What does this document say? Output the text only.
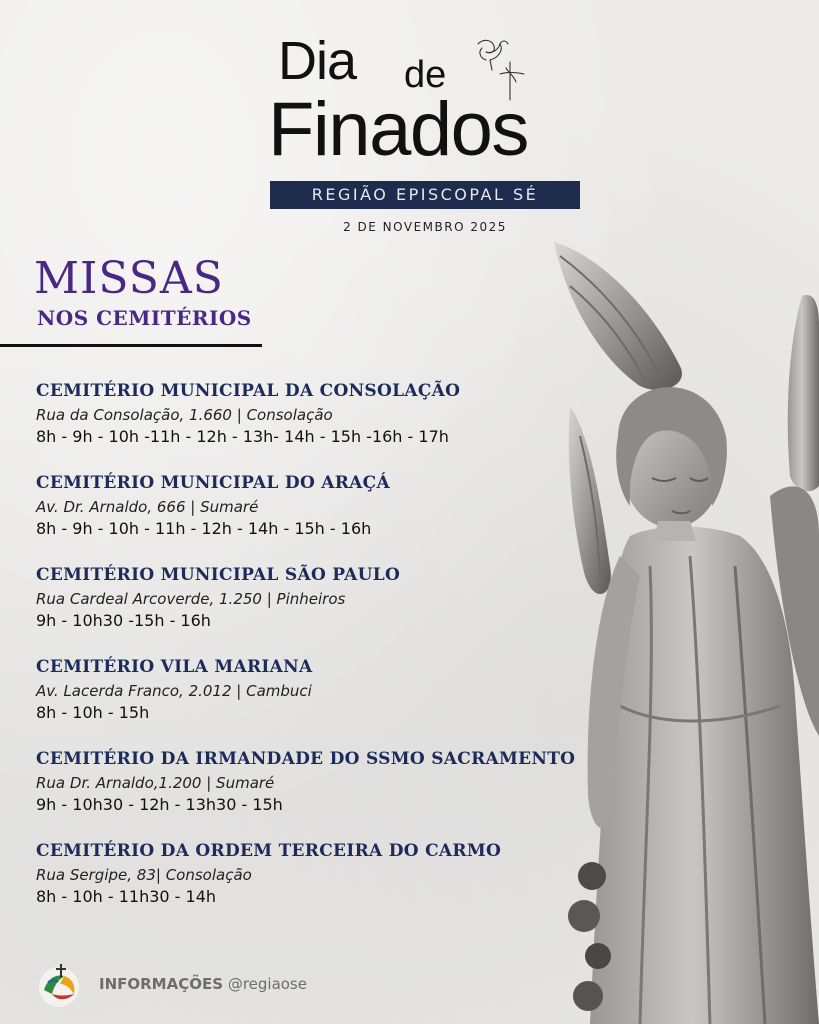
Dia de
Finados
REGIÃO EPISCOPAL SÉ
2 DE NOVEMBRO 2025
MISSAS
NOS CEMITÉRIOS
CEMITÉRIO MUNICIPAL DA CONSOLAÇÃO
Rua da Consolação, 1.660 | Consolação
8h - 9h - 10h -11h - 12h - 13h- 14h - 15h -16h - 17h
CEMITÉRIO MUNICIPAL DO ARAÇÁ
Av. Dr. Arnaldo, 666 | Sumaré
8h - 9h - 10h - 11h - 12h - 14h - 15h - 16h
CEMITÉRIO MUNICIPAL SÃO PAULO
Rua Cardeal Arcoverde, 1.250 | Pinheiros
9h - 10h30 -15h - 16h
CEMITÉRIO VILA MARIANA
Av. Lacerda Franco, 2.012 | Cambuci
8h - 10h - 15h
CEMITÉRIO DA IRMANDADE DO SSMO SACRAMENTO
Rua Dr. Arnaldo,1.200 | Sumaré
9h - 10h30 - 12h - 13h30 - 15h
CEMITÉRIO DA ORDEM TERCEIRA DO CARMO
Rua Sergipe, 83| Consolação
8h - 10h - 11h30 - 14h
INFORMAÇÕES @regiaose
